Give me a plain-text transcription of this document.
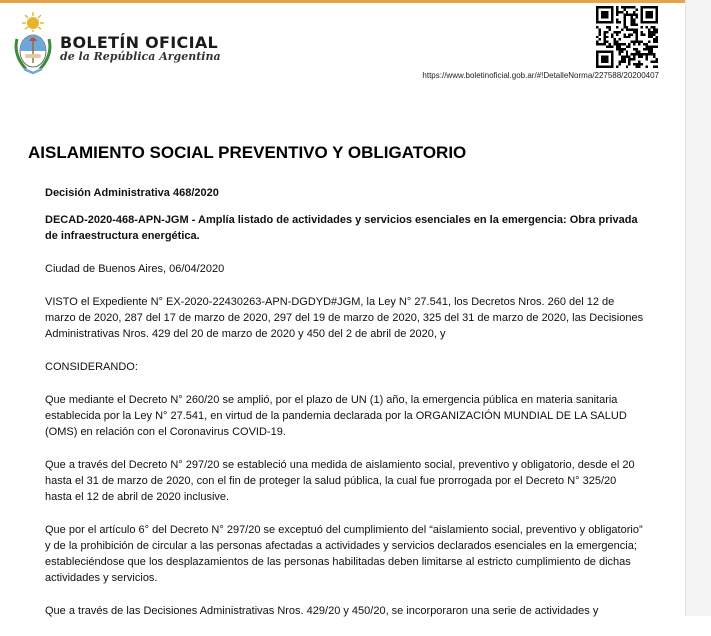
BOLETÍN OFICIAL
de la República Argentina
https://www.boletinoficial.gob.ar/#!DetalleNorma/227588/20200407
AISLAMIENTO SOCIAL PREVENTIVO Y OBLIGATORIO

Decisión Administrativa 468/2020

DECAD-2020-468-APN-JGM - Amplía listado de actividades y servicios esenciales en la emergencia: Obra privada de infraestructura energética.

Ciudad de Buenos Aires, 06/04/2020

VISTO el Expediente N° EX-2020-22430263-APN-DGDYD#JGM, la Ley N° 27.541, los Decretos Nros. 260 del 12 de marzo de 2020, 287 del 17 de marzo de 2020, 297 del 19 de marzo de 2020, 325 del 31 de marzo de 2020, las Decisiones Administrativas Nros. 429 del 20 de marzo de 2020 y 450 del 2 de abril de 2020, y

CONSIDERANDO:

Que mediante el Decreto N° 260/20 se amplió, por el plazo de UN (1) año, la emergencia pública en materia sanitaria establecida por la Ley N° 27.541, en virtud de la pandemia declarada por la ORGANIZACIÓN MUNDIAL DE LA SALUD (OMS) en relación con el Coronavirus COVID-19.

Que a través del Decreto N° 297/20 se estableció una medida de aislamiento social, preventivo y obligatorio, desde el 20 hasta el 31 de marzo de 2020, con el fin de proteger la salud pública, la cual fue prorrogada por el Decreto N° 325/20 hasta el 12 de abril de 2020 inclusive.

Que por el artículo 6° del Decreto N° 297/20 se exceptuó del cumplimiento del “aislamiento social, preventivo y obligatorio” y de la prohibición de circular a las personas afectadas a actividades y servicios declarados esenciales en la emergencia; estableciéndose que los desplazamientos de las personas habilitadas deben limitarse al estricto cumplimiento de dichas actividades y servicios.

Que a través de las Decisiones Administrativas Nros. 429/20 y 450/20, se incorporaron una serie de actividades y
